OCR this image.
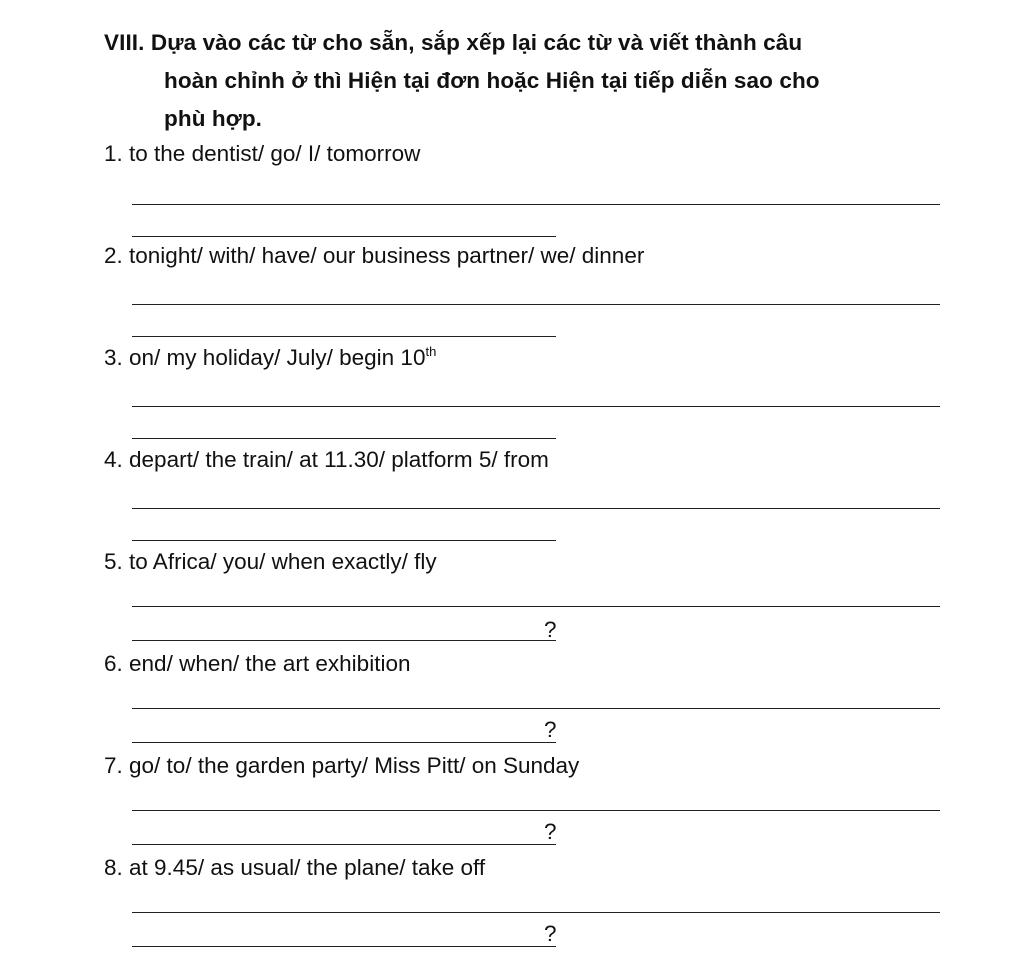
VIII. Dựa vào các từ cho sẵn, sắp xếp lại các từ và viết thành câu
hoàn chỉnh ở thì Hiện tại đơn hoặc Hiện tại tiếp diễn sao cho
phù hợp.
1. to the dentist/ go/ I/ tomorrow
2. tonight/ with/ have/ our business partner/ we/ dinner
3. on/ my holiday/ July/ begin 10th
4. depart/ the train/ at 11.30/ platform 5/ from
5. to Africa/ you/ when exactly/ fly
?
6. end/ when/ the art exhibition
?
7. go/ to/ the garden party/ Miss Pitt/ on Sunday
?
8. at 9.45/ as usual/ the plane/ take off
?
